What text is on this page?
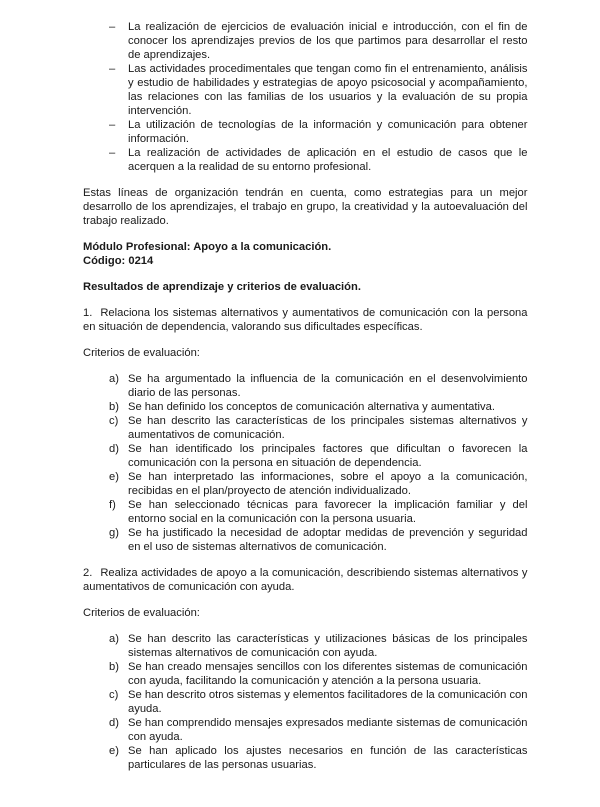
–	La realización de ejercicios de evaluación inicial e introducción, con el fin de conocer los aprendizajes previos de los que partimos para desarrollar el resto de aprendizajes.
–	Las actividades procedimentales que tengan como fin el entrenamiento, análisis y estudio de habilidades y estrategias de apoyo psicosocial y acompañamiento, las relaciones con las familias de los usuarios y la evaluación de su propia intervención.
–	La utilización de tecnologías de la información y comunicación para obtener información.
–	La realización de actividades de aplicación en el estudio de casos que le acerquen a la realidad de su entorno profesional.

Estas líneas de organización tendrán en cuenta, como estrategias para un mejor desarrollo de los aprendizajes, el trabajo en grupo, la creatividad y la autoevaluación del trabajo realizado.

Módulo Profesional: Apoyo a la comunicación.

Código: 0214

Resultados de aprendizaje y criterios de evaluación.

1. Relaciona los sistemas alternativos y aumentativos de comunicación con la persona en situación de dependencia, valorando sus dificultades específicas.

Criterios de evaluación:

a) Se ha argumentado la influencia de la comunicación en el desenvolvimiento diario de las personas.
b) Se han definido los conceptos de comunicación alternativa y aumentativa.
c) Se han descrito las características de los principales sistemas alternativos y aumentativos de comunicación.
d) Se han identificado los principales factores que dificultan o favorecen la comunicación con la persona en situación de dependencia.
e) Se han interpretado las informaciones, sobre el apoyo a la comunicación, recibidas en el plan/proyecto de atención individualizado.
f)	Se han seleccionado técnicas para favorecer la implicación familiar y del entorno social en la comunicación con la persona usuaria.
g) Se ha justificado la necesidad de adoptar medidas de prevención y seguridad en el uso de sistemas alternativos de comunicación.

2. Realiza actividades de apoyo a la comunicación, describiendo sistemas alternativos y aumentativos de comunicación con ayuda.

Criterios de evaluación:

a) Se han descrito las características y utilizaciones básicas de los principales sistemas alternativos de comunicación con ayuda.
b) Se han creado mensajes sencillos con los diferentes sistemas de comunicación con ayuda, facilitando la comunicación y atención a la persona usuaria.
c) Se han descrito otros sistemas y elementos facilitadores de la comunicación con ayuda.
d) Se han comprendido mensajes expresados mediante sistemas de comunicación con ayuda.
e) Se han aplicado los ajustes necesarios en función de las características particulares de las personas usuarias.
